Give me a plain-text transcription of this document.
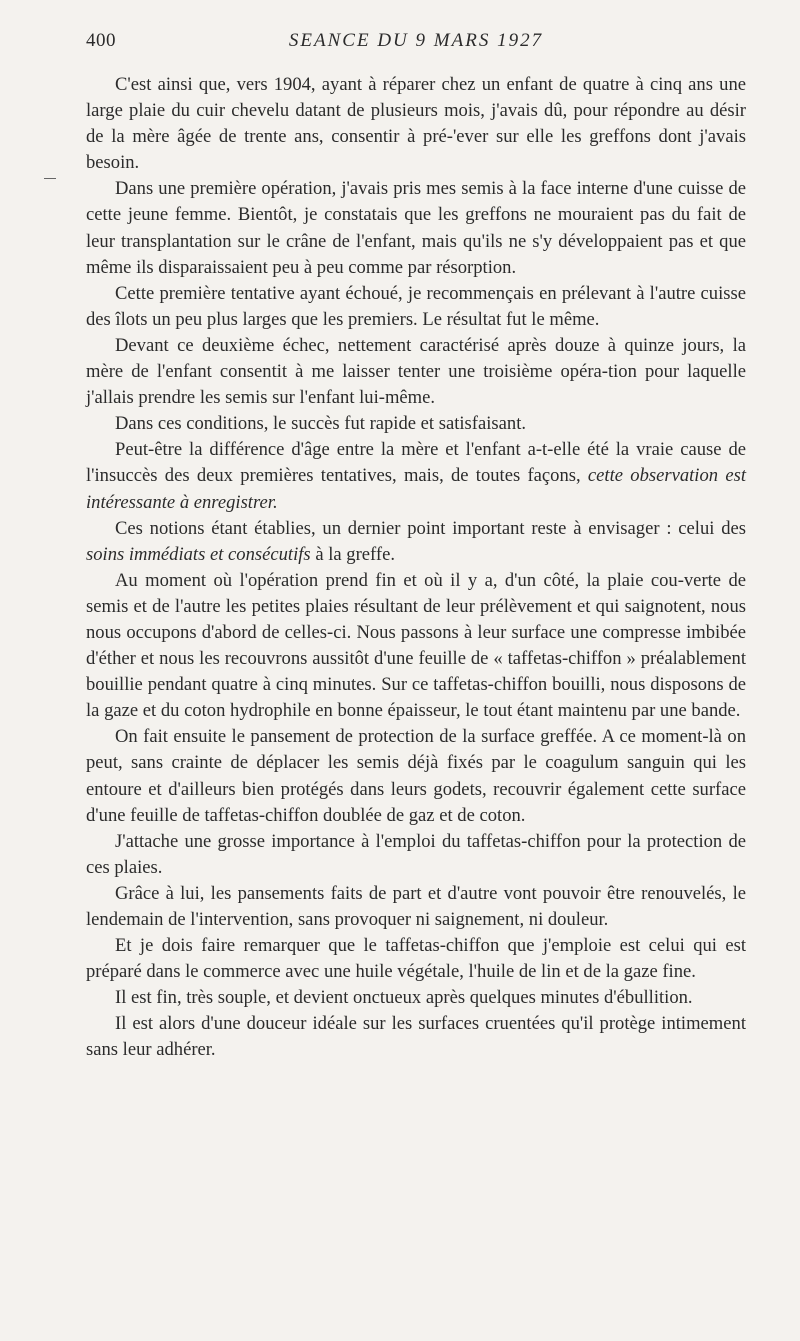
400	SEANCE DU 9 MARS 1927

C'est ainsi que, vers 1904, ayant à réparer chez un enfant de quatre à cinq ans une large plaie du cuir chevelu datant de plusieurs mois, j'avais dû, pour répondre au désir de la mère âgée de trente ans, consentir à pré-'ever sur elle les greffons dont j'avais besoin.

Dans une première opération, j'avais pris mes semis à la face interne d'une cuisse de cette jeune femme. Bientôt, je constatais que les greffons ne mouraient pas du fait de leur transplantation sur le crâne de l'enfant, mais qu'ils ne s'y développaient pas et que même ils disparaissaient peu à peu comme par résorption.

Cette première tentative ayant échoué, je recommençais en prélevant à l'autre cuisse des îlots un peu plus larges que les premiers. Le résultat fut le même.

Devant ce deuxième échec, nettement caractérisé après douze à quinze jours, la mère de l'enfant consentit à me laisser tenter une troisième opéra-tion pour laquelle j'allais prendre les semis sur l'enfant lui-même.

Dans ces conditions, le succès fut rapide et satisfaisant.

Peut-être la différence d'âge entre la mère et l'enfant a-t-elle été la vraie cause de l'insuccès des deux premières tentatives, mais, de toutes façons, cette observation est intéressante à enregistrer.

Ces notions étant établies, un dernier point important reste à envisager : celui des soins immédiats et consécutifs à la greffe.

Au moment où l'opération prend fin et où il y a, d'un côté, la plaie cou-verte de semis et de l'autre les petites plaies résultant de leur prélèvement et qui saignotent, nous nous occupons d'abord de celles-ci. Nous passons à leur surface une compresse imbibée d'éther et nous les recouvrons aussitôt d'une feuille de « taffetas-chiffon » préalablement bouillie pendant quatre à cinq minutes. Sur ce taffetas-chiffon bouilli, nous disposons de la gaze et du coton hydrophile en bonne épaisseur, le tout étant maintenu par une bande.

On fait ensuite le pansement de protection de la surface greffée. A ce moment-là on peut, sans crainte de déplacer les semis déjà fixés par le coagulum sanguin qui les entoure et d'ailleurs bien protégés dans leurs godets, recouvrir également cette surface d'une feuille de taffetas-chiffon doublée de gaz et de coton.

J'attache une grosse importance à l'emploi du taffetas-chiffon pour la protection de ces plaies.

Grâce à lui, les pansements faits de part et d'autre vont pouvoir être renouvelés, le lendemain de l'intervention, sans provoquer ni saignement, ni douleur.

Et je dois faire remarquer que le taffetas-chiffon que j'emploie est celui qui est préparé dans le commerce avec une huile végétale, l'huile de lin et de la gaze fine.

Il est fin, très souple, et devient onctueux après quelques minutes d'ébullition.

Il est alors d'une douceur idéale sur les surfaces cruentées qu'il protège intimement sans leur adhérer.
